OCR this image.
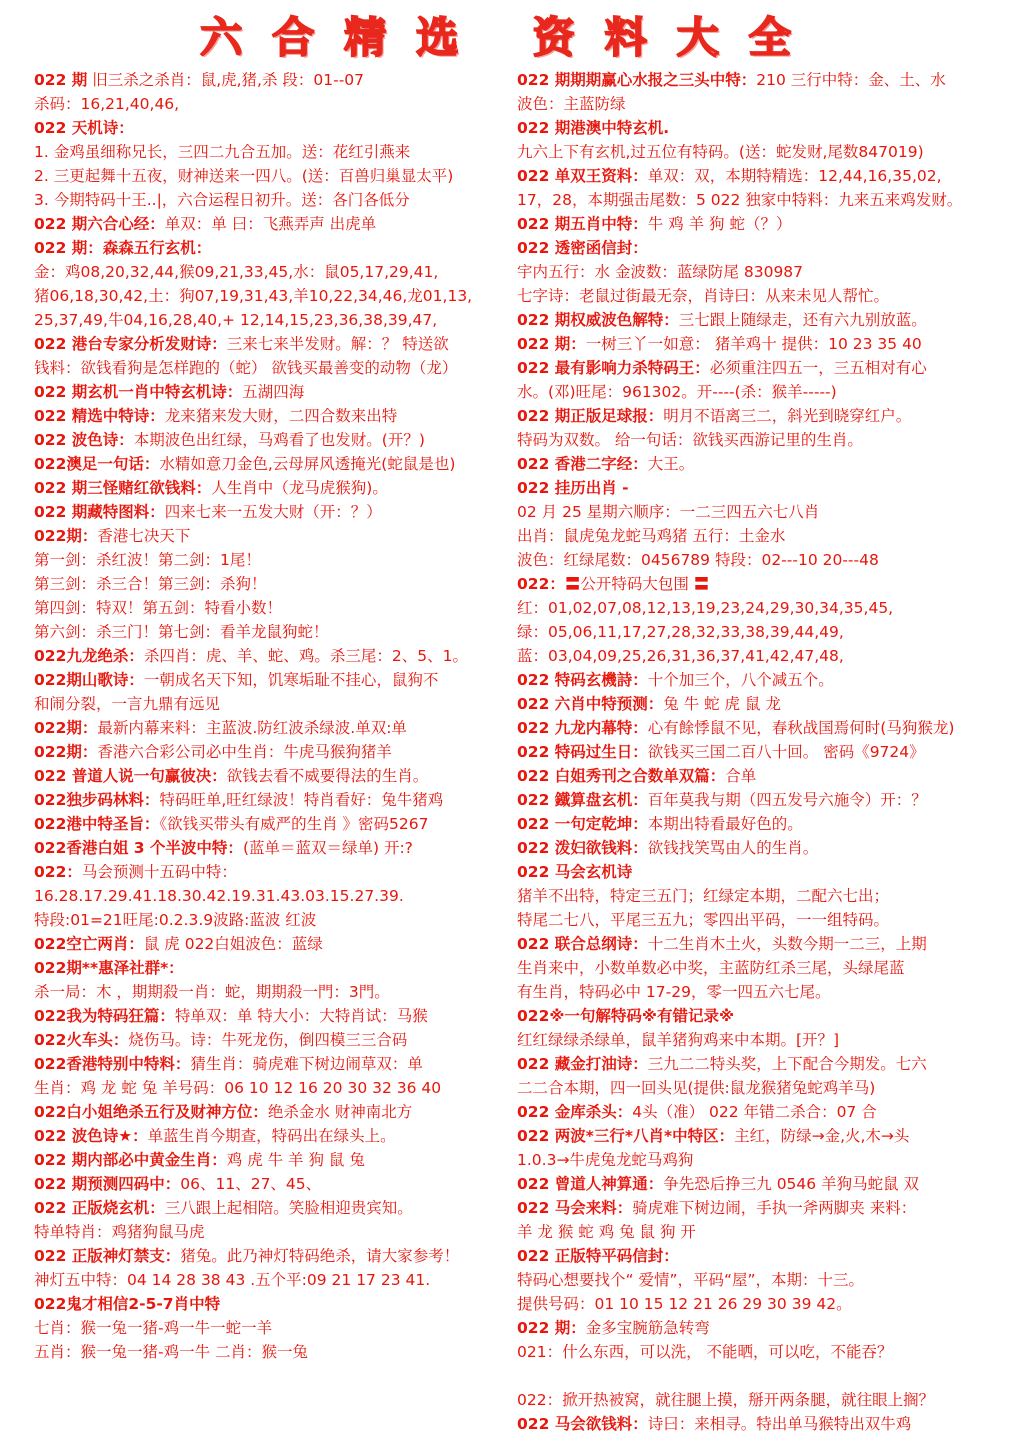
六合精选 资料大全
022 期 旧三杀之杀肖：鼠,虎,猪,杀 段：01--07
杀码：16,21,40,46,
022 天机诗：
1. 金鸡虽细称兄长，三四二九合五加。送：花红引燕来
2. 三更起舞十五夜，财神送来一四八。(送：百兽归巢显太平)
3. 今期特码十王..|，六合运程日初升。送：各门各低分
022 期六合心经：单双：单 曰：飞燕弄声 出虎单
022 期：森森五行玄机：
金：鸡08,20,32,44,猴09,21,33,45,水：鼠05,17,29,41,
猪06,18,30,42,土：狗07,19,31,43,羊10,22,34,46,龙01,13,
25,37,49,牛04,16,28,40,+ 12,14,15,23,36,38,39,47,
022 港台专家分析发财诗：三来七来半发财。解：？ 特送欲
钱料：欲钱看狗是怎样跑的（蛇） 欲钱买最善变的动物（龙）
022 期玄机一肖中特玄机诗：五湖四海
022 精选中特诗：龙来猪来发大财，二四合数来出特
022 波色诗：本期波色出红绿，马鸡看了也发财。(开？)
022澳足一句话：水精如意刀金色,云母屏风透掩光(蛇鼠是也)
022 期三怪赌红欲钱料：人生肖中（龙马虎猴狗)。
022 期藏特图料：四来七来一五发大财（开：？）
022期：香港七决天下
第一剑：杀红波！第二剑：1尾！
第三剑：杀三合！第三剑：杀狗！
第四剑：特双！第五剑：特看小数！
第六剑：杀三门！第七剑：看羊龙鼠狗蛇！
022九龙绝杀：杀四肖：虎、羊、蛇、鸡。杀三尾：2、5、1。
022期山歌诗：一朝成名天下知，饥寒垢耻不挂心，鼠狗不
和闹分裂，一言九鼎有远见
022期：最新内幕来料：主蓝波.防红波杀绿波.单双:单
022期：香港六合彩公司必中生肖：牛虎马猴狗猪羊
022 普道人说一句赢彼决：欲钱去看不威要得法的生肖。
022独步码林料：特码旺单,旺红绿波！特肖看好：兔牛猪鸡
022港中特圣旨：《欲钱买带头有威严的生肖 》密码5267
022香港白姐 3 个半波中特：(蓝单＝蓝双＝绿单) 开:?
022：马会预测十五码中特：
16.28.17.29.41.18.30.42.19.31.43.03.15.27.39.
特段:01=21旺尾:0.2.3.9波路:蓝波 红波
022空亡两肖：鼠 虎 022白姐波色：蓝绿
022期**惠泽社群*：
杀一局：木 ，期期殺一肖：蛇，期期殺一門：3門。
022我为特码狂篇：特单双：单 特大小：大特肖试：马猴
022火车头：烧伤马。诗：牛死龙伤，倒四模三三合码
022香港特别中特料：猜生肖：骑虎难下树边闹草双：单
生肖：鸡 龙 蛇 兔 羊号码：06 10 12 16 20 30 32 36 40
022白小姐绝杀五行及财神方位：绝杀金水 财神南北方
022 波色诗★：单蓝生肖今期查，特码出在绿头上。
022 期内部必中黄金生肖：鸡 虎 牛 羊 狗 鼠 兔
022 期预测四码中：06、11、27、45、
022 正版烧玄机：三八跟上起相陪。笑脸相迎贵宾知。
特单特肖：鸡猪狗鼠马虎
022 正版神灯禁支：猪兔。此乃神灯特码绝杀，请大家参考！
神灯五中特：04 14 28 38 43 .五个平:09 21 17 23 41.
022鬼才相信2-5-7肖中特
七肖：猴一兔一猪-鸡一牛一蛇一羊
五肖：猴一兔一猪-鸡一牛 二肖：猴一兔
022 期期期赢心水报之三头中特：210 三行中特：金、土、水
波色：主蓝防绿
022 期港澳中特玄机.
九六上下有玄机,过五位有特码。(送：蛇发财,尾数847019)
022 单双王资料：单双：双，本期特精选：12,44,16,35,02,
17，28，本期强击尾数：5 022 独家中特料：九来五来鸡发财。
022 期五肖中特：牛 鸡 羊 狗 蛇（？）
022 透密函信封：
宇内五行：水 金波数：蓝绿防尾 830987
七字诗：老鼠过街最无奈，肖诗曰：从来未见人帮忙。
022 期权威波色解特：三七跟上随绿走，还有六九别放蓝。
022 期：一树三丫一如意： 猪羊鸡十 提供：10 23 35 40
022 最有影响力杀特码王：必须重注四五一，三五相对有心
水。(邓)旺尾：961302。开----(杀：猴羊-----)
022 期正版足球报：明月不语离三二，斜光到晓穿红户。
特码为双数。 给一句话：欲钱买西游记里的生肖。
022 香港二字经：大王。
022 挂历出肖 -
02 月 25 星期六顺序：一二三四五六七八肖
出肖：鼠虎兔龙蛇马鸡猪 五行：土金水
波色：红绿尾数：0456789 特段：02---10 20---48
022：〓公开特码大包围 〓
红：01,02,07,08,12,13,19,23,24,29,30,34,35,45,
绿：05,06,11,17,27,28,32,33,38,39,44,49,
蓝：03,04,09,25,26,31,36,37,41,42,47,48,
022 特码玄機詩：十个加三个，八个减五个。
022 六肖中特预测：兔 牛 蛇 虎 鼠 龙
022 九龙内幕特：心有餘悸鼠不见，春秋战国焉何时(马狗猴龙)
022 特码过生日：欲钱买三国二百八十回。 密码《9724》
022 白姐秀刊之合数单双篇：合单
022 鐵算盘玄机：百年莫我与期（四五发号六施令）开：？
022 一句定乾坤：本期出特看最好色的。
022 泼妇欲钱料：欲钱找笑骂由人的生肖。
022 马会玄机诗
猪羊不出特，特定三五门；红绿定本期，二配六七出；
特尾二七八，平尾三五九；零四出平码，一一组特码。
022 联合总纲诗：十二生肖木土火，头数今期一二三，上期
生肖来中，小数单数必中奖，主蓝防红杀三尾，头绿尾蓝
有生肖，特码必中 17-29，零一四五六七尾。
022※一句解特码※有错记录※
红红绿绿杀绿单，鼠羊猪狗鸡来中本期。[开？]
022 藏金打油诗：三九二二特头奖，上下配合今期发。七六
二二合本期，四一回头见(提供:鼠龙猴猪兔蛇鸡羊马)
022 金库杀头：4头（准） 022 年错二杀合：07 合
022 两波*三行*八肖*中特区：主红，防绿→金,火,木→头
1.0.3→牛虎兔龙蛇马鸡狗
022 曾道人神算通：争先恐后挣三九 0546 羊狗马蛇鼠 双
022 马会来料：骑虎难下树边闹，手执一斧两脚夹 来料：
羊 龙 猴 蛇 鸡 兔 鼠 狗 开
022 正版特平码信封：
特码心想要找个“ 爱情”，平码“屋”，本期：十三。
提供号码：01 10 15 12 21 26 29 30 39 42。
022 期：金多宝腕筋急转弯
021：什么东西，可以洗， 不能晒，可以吃，不能吞？
022：掀开热被窝，就往腿上摸，掰开两条腿，就往眼上搁？
022 马会欲钱料：诗曰：来相寻。特出单马猴特出双牛鸡
